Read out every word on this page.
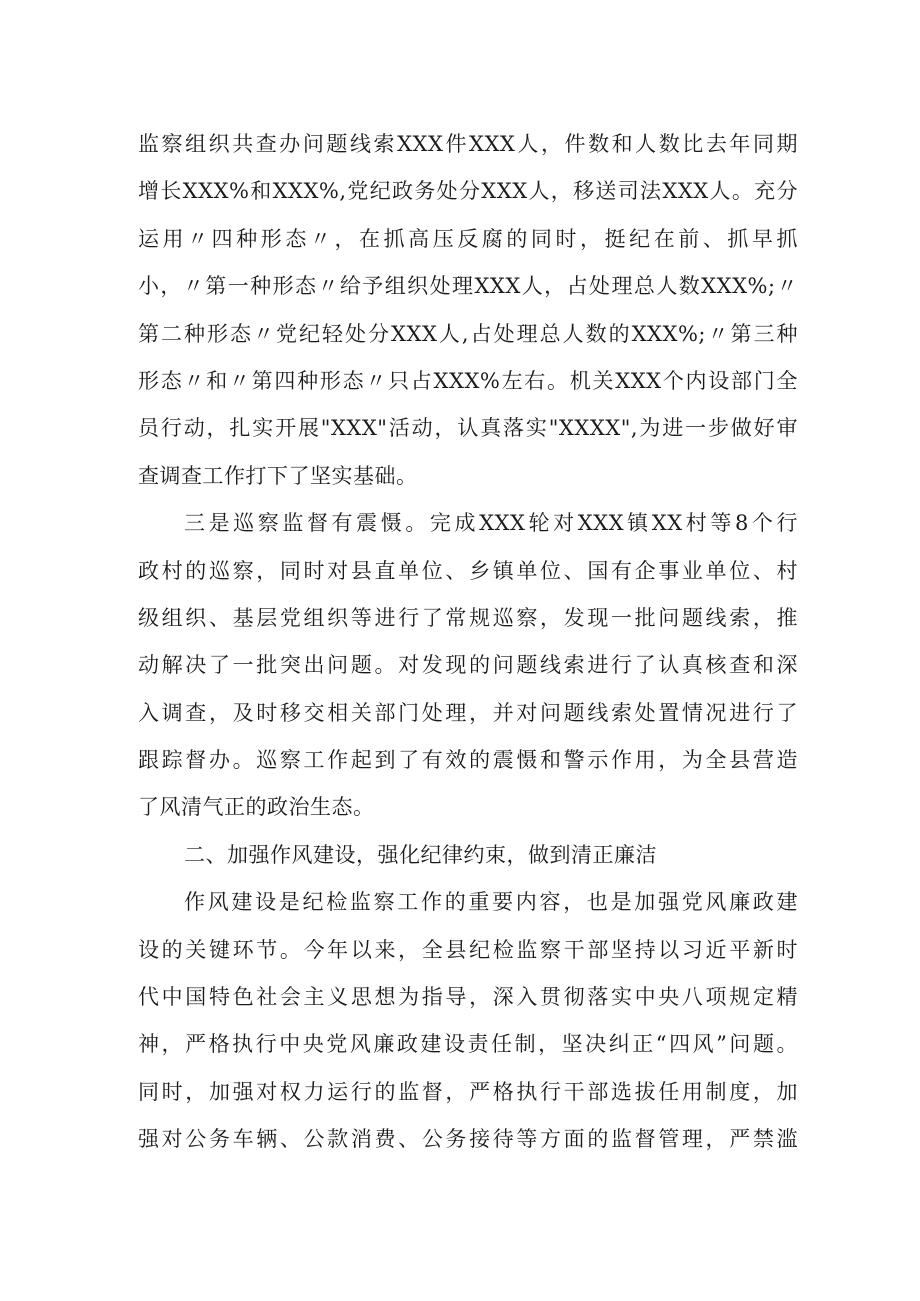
监察组织共查办问题线索XXX件XXX人，件数和人数比去年同期
增长XXX%和XXX%,党纪政务处分XXX人，移送司法XXX人。充分
运用〃四种形态〃，在抓高压反腐的同时，挺纪在前、抓早抓
小，〃第一种形态〃给予组织处理XXX人，占处理总人数XXX%;〃
第二种形态〃党纪轻处分XXX人,占处理总人数的XXX%;〃第三种
形态〃和〃第四种形态〃只占XXX%左右。机关XXX个内设部门全
员行动，扎实开展"XXX"活动，认真落实"XXXX",为进一步做好审
查调查工作打下了坚实基础。
三是巡察监督有震慑。完成XXX轮对XXX镇XX村等8个行
政村的巡察，同时对县直单位、乡镇单位、国有企事业单位、村
级组织、基层党组织等进行了常规巡察，发现一批问题线索，推
动解决了一批突出问题。对发现的问题线索进行了认真核查和深
入调查，及时移交相关部门处理，并对问题线索处置情况进行了
跟踪督办。巡察工作起到了有效的震慑和警示作用，为全县营造
了风清气正的政治生态。
二、加强作风建设，强化纪律约束，做到清正廉洁
作风建设是纪检监察工作的重要内容，也是加强党风廉政建
设的关键环节。今年以来，全县纪检监察干部坚持以习近平新时
代中国特色社会主义思想为指导，深入贯彻落实中央八项规定精
神，严格执行中央党风廉政建设责任制，坚决纠正“四风”问题。
同时，加强对权力运行的监督，严格执行干部选拔任用制度，加
强对公务车辆、公款消费、公务接待等方面的监督管理，严禁滥
